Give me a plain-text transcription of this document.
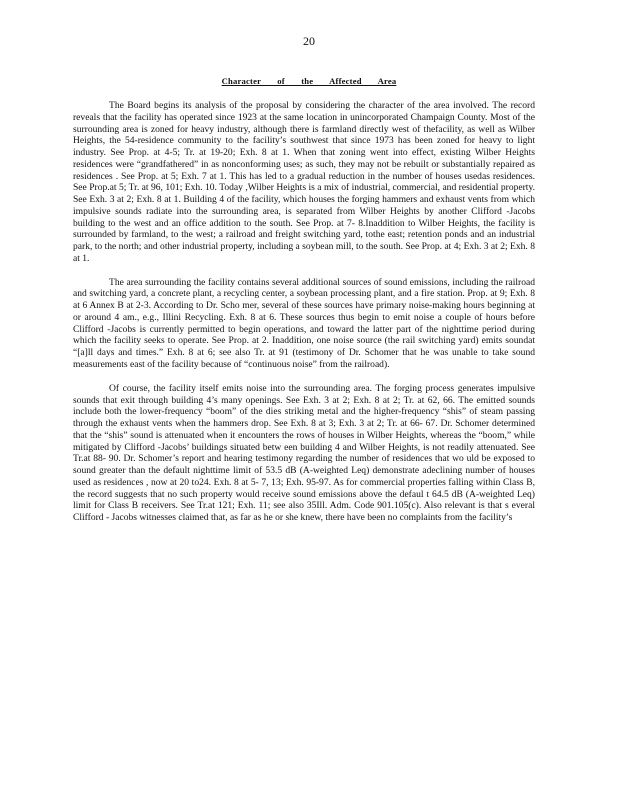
20
Character of the Affected Area

The Board begins its analysis of the proposal by considering the character of the area involved. The record reveals that the facility has operated since 1923 at the same location in unincorporated Champaign County. Most of the surrounding area is zoned for heavy industry, although there is farmland directly west of thefacility, as well as Wilber Heights, the 54-residence community to the facility’s southwest that since 1973 has been zoned for heavy to light industry. See Prop. at 4-5; Tr. at 19-20; Exh. 8 at 1. When that zoning went into effect, existing Wilber Heights residences were “grandfathered” in as nonconforming uses; as such, they may not be rebuilt or substantially repaired as residences . See Prop. at 5; Exh. 7 at 1. This has led to a gradual reduction in the number of houses usedas residences. See Prop.at 5; Tr. at 96, 101; Exh. 10. Today ,Wilber Heights is a mix of industrial, commercial, and residential property. See Exh. 3 at 2; Exh. 8 at 1. Building 4 of the facility, which houses the forging hammers and exhaust vents from which impulsive sounds radiate into the surrounding area, is separated from Wilber Heights by another Clifford -Jacobs building to the west and an office addition to the south. See Prop. at 7- 8.Inaddition to Wilber Heights, the facility is surrounded by farmland, to the west; a railroad and freight switching yard, tothe east; retention ponds and an industrial park, to the north; and other industrial property, including a soybean mill, to the south. See Prop. at 4; Exh. 3 at 2; Exh. 8 at 1.

The area surrounding the facility contains several additional sources of sound emissions, including the railroad and switching yard, a concrete plant, a recycling center, a soybean processing plant, and a fire station. Prop. at 9; Exh. 8 at 6 Annex B at 2-3. According to Dr. Scho mer, several of these sources have primary noise-making hours beginning at or around 4 am., e.g., Illini Recycling. Exh. 8 at 6. These sources thus begin to emit noise a couple of hours before Clifford -Jacobs is currently permitted to begin operations, and toward the latter part of the nighttime period during which the facility seeks to operate. See Prop. at 2. Inaddition, one noise source (the rail switching yard) emits soundat “[a]ll days and times.” Exh. 8 at 6; see also Tr. at 91 (testimony of Dr. Schomer that he was unable to take sound measurements east of the facility because of “continuous noise” from the railroad).

Of course, the facility itself emits noise into the surrounding area. The forging process generates impulsive sounds that exit through building 4’s many openings. See Exh. 3 at 2; Exh. 8 at 2; Tr. at 62, 66. The emitted sounds include both the lower-frequency “boom” of the dies striking metal and the higher-frequency “shis” of steam passing through the exhaust vents when the hammers drop. See Exh. 8 at 3; Exh. 3 at 2; Tr. at 66- 67. Dr. Schomer determined that the “shis” sound is attenuated when it encounters the rows of houses in Wilber Heights, whereas the “boom,” while mitigated by Clifford -Jacobs’ buildings situated betw een building 4 and Wilber Heights, is not readily attenuated. See Tr.at 88- 90. Dr. Schomer’s report and hearing testimony regarding the number of residences that wo uld be exposed to sound greater than the default nighttime limit of 53.5 dB (A-weighted Leq) demonstrate adeclining number of houses used as residences , now at 20 to24. Exh. 8 at 5- 7, 13; Exh. 95-97. As for commercial properties falling within Class B, the record suggests that no such property would receive sound emissions above the defaul t 64.5 dB (A-weighted Leq) limit for Class B receivers. See Tr.at 121; Exh. 11; see also 35Ill. Adm. Code 901.105(c). Also relevant is that s everal Clifford - Jacobs witnesses claimed that, as far as he or she knew, there have been no complaints from the facility’s
